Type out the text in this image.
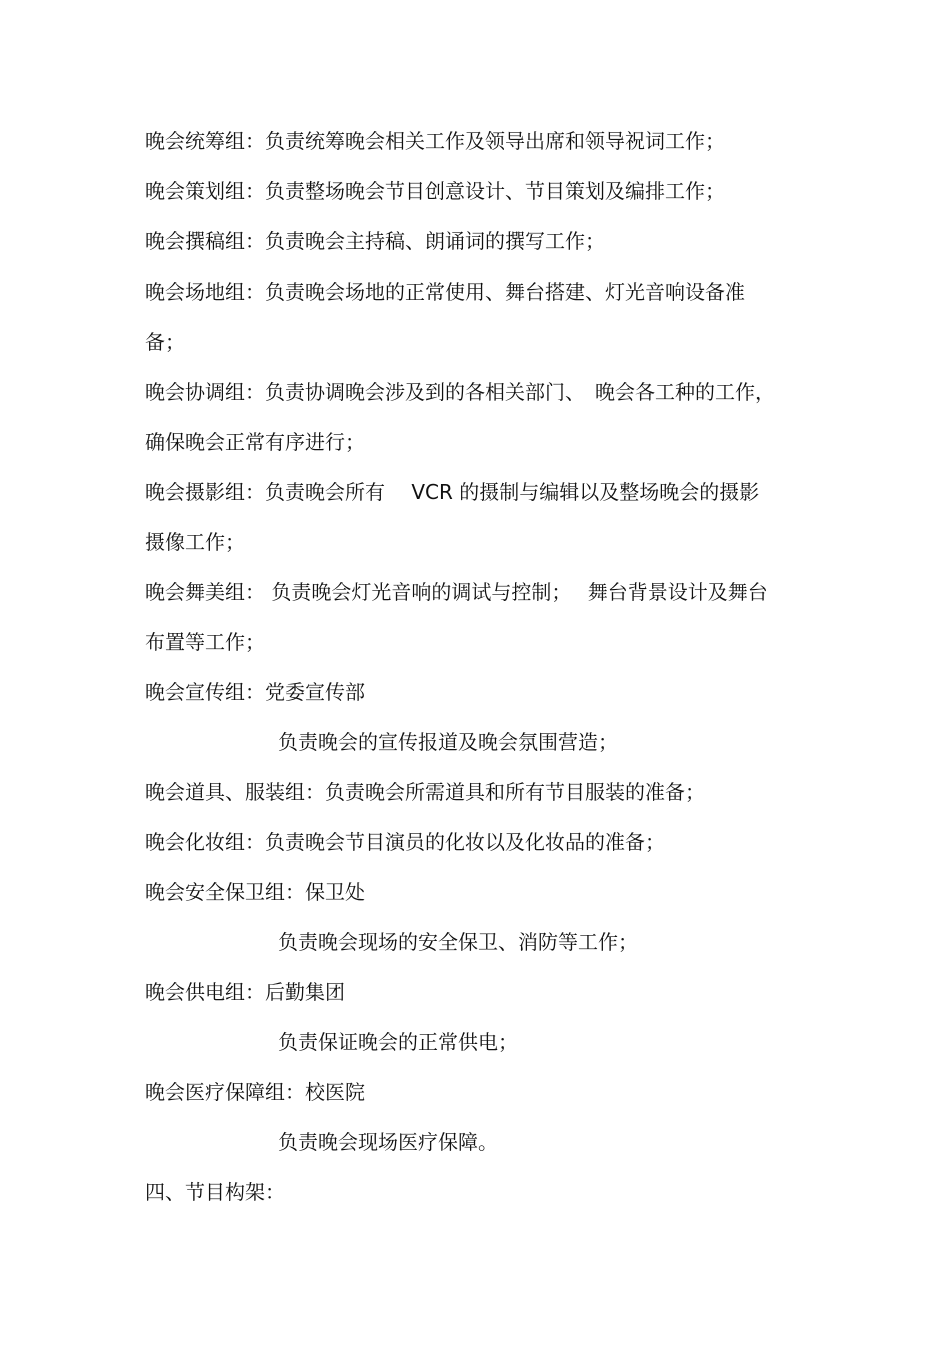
晚会统筹组：负责统筹晚会相关工作及领导出席和领导祝词工作；
晚会策划组：负责整场晚会节目创意设计、节目策划及编排工作；
晚会撰稿组：负责晚会主持稿、朗诵词的撰写工作；
晚会场地组：负责晚会场地的正常使用、舞台搭建、灯光音响设备准
备；
晚会协调组：负责协调晚会涉及到的各相关部门、　晚会各工种的工作，
确保晚会正常有序进行；
晚会摄影组：负责晚会所有　 VCR 的摄制与编辑以及整场晚会的摄影
摄像工作；
晚会舞美组： 负责晚会灯光音响的调试与控制；　 舞台背景设计及舞台
布置等工作；
晚会宣传组：党委宣传部
负责晚会的宣传报道及晚会氛围营造；
晚会道具、服装组：负责晚会所需道具和所有节目服装的准备；
晚会化妆组：负责晚会节目演员的化妆以及化妆品的准备；
晚会安全保卫组：保卫处
负责晚会现场的安全保卫、消防等工作；
晚会供电组：后勤集团
负责保证晚会的正常供电；
晚会医疗保障组：校医院
负责晚会现场医疗保障。
四、节目构架：
